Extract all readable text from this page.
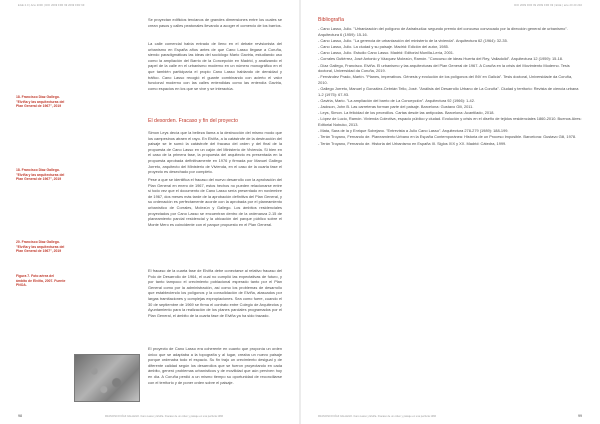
EGE 2.0 | Arte 2000 | DOI 2099 FFR 99 2099 FFR 99	DOI 2099 FFR 99 2099 FFR 99 | EGE | arte 20 20 202

Se proyectan edificios tercianos de grandes dimensiones entre los cuales se crean pasos y calles peatonales llevando a acoger el comercio de los barrios.

La calle comercial había entrado de lleno en el debate revisionista del urbanismo en España años antes de que Cano Lasso llegase a Coruña, siendo paradigmáticas las ideas del sociólogo Mario Gaviria, estudiando uso como la ampliación del Barrio de la Concepción en Madrid, y analizando el papel de la calle en el urbanismo moderno en un número monográfico en el que también participaría el propio Cano Lasso hablando de densidad y tráfico. Cano Lasso recogió el guante combinando con acierto el valor funcional moderno con las calles entendidas como las entendía Gaviria, como espacios en los que se vive y se interactúa.

18. Francisco Díaz Gallego. "Elviña y las arquitecturas del Plan General de 1967", 2019
El desorden. Fracaso y fin del proyecto

Simon Leys decía que la belleza llama a la destrucción del mismo modo que los campesinos atraen el rayo. En Elviña, a la catástrofe de la destrucción del paisaje se le sumó la catástrofe del fracaso del orden y del final de la propuesta de Cano Lasso en un cajón del Ministerio de Vivienda. Si bien en el caso de la primera fase, la propuesta del arquitecto es presentada en la propuesta aprobada definitivamente en 1976 y firmada por Manuel Gallego Jorreto, arquitecto del Ministerio de Vivienda, en el caso de la cuarta fase el proyecto es desechado por completo.

18. Francisco Díaz Gallego. "Elviña y las arquitecturas del Plan General de 1967", 2019	Pese a que se identifica el fracaso del nuevo desarrollo con la aprobación del Plan General en enero de 1967, estos hechos no pueden relacionarse entre sí todo vez que el documento de Cano Lasso sería presentado en noviembre de 1967, dos meses más tarde de la aprobación definitiva del Plan General, y su ordenación es perfectamente acorde con la aprobada por el planeamiento urbanístico de Corrales, Molezún y Gallego. Los ámbitos residenciales proyectados por Cano Lasso se encuentran dentro de la ordenanza 2-15 de planeamiento parcial residencial y la ubicación del parque público sobre el Monte Mero es coincidente con el parque propuesto en el Plan General.

20. Francisco Díaz Gallego. "Elviña y las arquitecturas del Plan General de 1967", 2019

El fracaso de la cuarta fase de Elviña debe conectarse al relativo fracaso del Polo de Desarrollo de 1964, el cual no cumplió las expectativas de futuro, y por tanto tampoco el crecimiento poblacional esperado tanto por el Plan General como por la administración, así como los problemas de desarrollo que estableciendo los polígonos y la consolidación de Elviña, atascados por largas tramitaciones y complejas expropiaciones. Sea como fuere, cuando el 30 de septiembre de 1969 se firma el contrato entre Colegio de Arquitectos y Ayuntamiento para la realización de los planes parciales programados por el Plan General, el ámbito de la cuarta fase de Elviña ya ha sido trazado.

Figura 7. Foto aérea del ámbito de Elviña, 2007. Fuente PNOA.

El proyecto de Cano Lasso era coherente en cuanto que proponía un orden único que se adaptaba a la topografía y al lugar, creaba un nuevo paisaje porque ordenaba todo el espacio. Su fin trajo un crecimiento desigual y de diferente calidad según los desarrollos que se fueron proyectando en cada ámbito, generó problemas urbanísticos y de movilidad que aún perviven hoy en día. A Coruña perdió a un mismo tiempo su oportunidad de reconciliarse con el territorio y de poner orden sobre el paisaje.

98	FRANCISCO DÍAZ GALLEGO. Cano Lasso y Elviña. Fracaso de un orden y paisaje en una periferia 1966
Bibliografía
- Cano Lasso, Julio. "Urbanización del polígono de Astrabudúa: segundo premio del concurso convocado por la dirección general de urbanismo". Arquitectura 6 (1959): 15-16.
- Cano Lasso, Julio. "La gerencia de urbanización del ministerio de la vivienda". Arquitectura 62 (1964): 32-35.
- Cano Lasso, Julio. La ciudad y su paisaje. Madrid: Edición del autor, 1985.
- Cano Lasso, Julio. Estudio Cano Lasso. Madrid: Editorial Munilla-Lería, 2001.
- Corrales Gutiérrez, José Antonio y Vázquez Molezún, Ramón. "Concurso de ideas Huerta del Rey, Valladolid". Arquitectura 12 (1959): 15-18.
- Díaz Gallego, Francisco. Elviña. El urbanismo y las arquitecturas del Plan General de 1967. A Coruña en la crisis del Movimiento Moderno. Tesis doctoral, Universidad da Coruña, 2019.
- Fernández Prado, Martín. "Planes, imperativos. Génesis y evolución de los polígonos del INV en Galicia". Tesis doctoral, Universidade da Coruña, 2010.
- Gallego Jorreto, Manuel y González-Cebrián Tello, José. "Análisis del Desarrollo Urbano de La Coruña". Ciudad y territorio: Revista de ciencia urbana 1-2 (1975): 67-93.
- Gaviria, Mario. "La ampliación del barrio de La Concepción". Arquitectura 92 (1966): 1-42.
- Jackson, John B. Las carreteras forman parte del paisaje. Barcelona: Gustavo Gili, 2011.
- Leys, Simon. La felicidad de los pececillos. Cartas desde las antípodas. Barcelona: Acantilado, 2018.
- López de Lucio, Ramón. Vivienda Colectiva, espacio público y ciudad. Evolución y crisis en el diseño de tejidos residenciales 1860-2010. Buenos Aires: Editorial Nobuko, 2013.
- Mata, Sara de la y Enrique Sobejano. "Entrevista a Julio Cano Lasso". Arquitectura 278-279 (1989): 188-199.
- Terán Troyano, Fernando de. Planeamiento Urbano en la España Contemporánea: Historia de un Proceso Imposible. Barcelona: Gustavo Gili, 1978.
- Terán Troyano, Fernando de. Historia del Urbanismo en España III. Siglos XIX y XX. Madrid: Cátedra, 1999.
FRANCISCO DÍAZ GALLEGO. Cano Lasso y Elviña. Fracaso de un orden y paisaje en una periferia 1966	99
